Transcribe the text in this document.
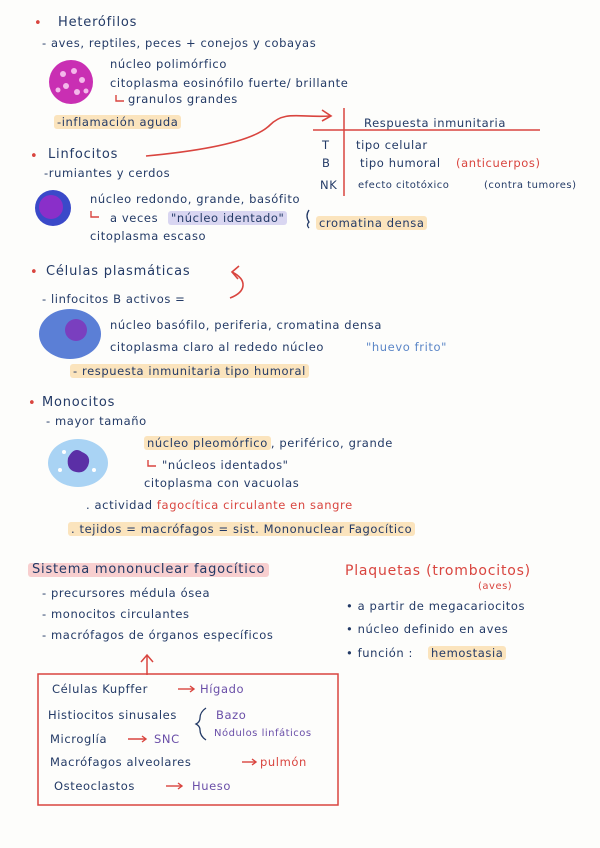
• Heterófilos
- aves, reptiles, peces + conejos y cobayas
núcleo polimórfico
citoplasma eosinófilo fuerte/ brillante
granulos grandes
-inflamación aguda
• Linfocitos
-rumiantes y cerdos
núcleo redondo, grande, basófito
a veces "núcleo identado"	cromatina densa
citoplasma escaso
Respuesta inmunitaria
T tipo celular
B	tipo humoral (anticuerpos)
NK efecto citotóxico	(contra tumores)
• Células plasmáticas
- linfocitos B activos =
núcleo basófilo, periferia, cromatina densa
citoplasma claro al rededo núcleo	"huevo frito"
- respuesta inmunitaria tipo humoral
• Monocitos
- mayor tamaño
núcleo pleomórfico , periférico, grande
"núcleos identados"
citoplasma con vacuolas
. actividad fagocítica circulante en sangre
. tejidos = macrófagos = sist. Mononuclear Fagocítico
Sistema mononuclear fagocítico
- precursores médula ósea
- monocitos circulantes
- macrófagos de órganos específicos
Células Kupffer	Hígado
Histiocitos sinusales	Bazo
Nódulos linfáticos
Microglía	SNC
Macrófagos alveolares	pulmón
Osteoclastos	Hueso
Plaquetas (trombocitos)
(aves)
• a partir de megacariocitos
• núcleo definido en aves
• función : hemostasia
